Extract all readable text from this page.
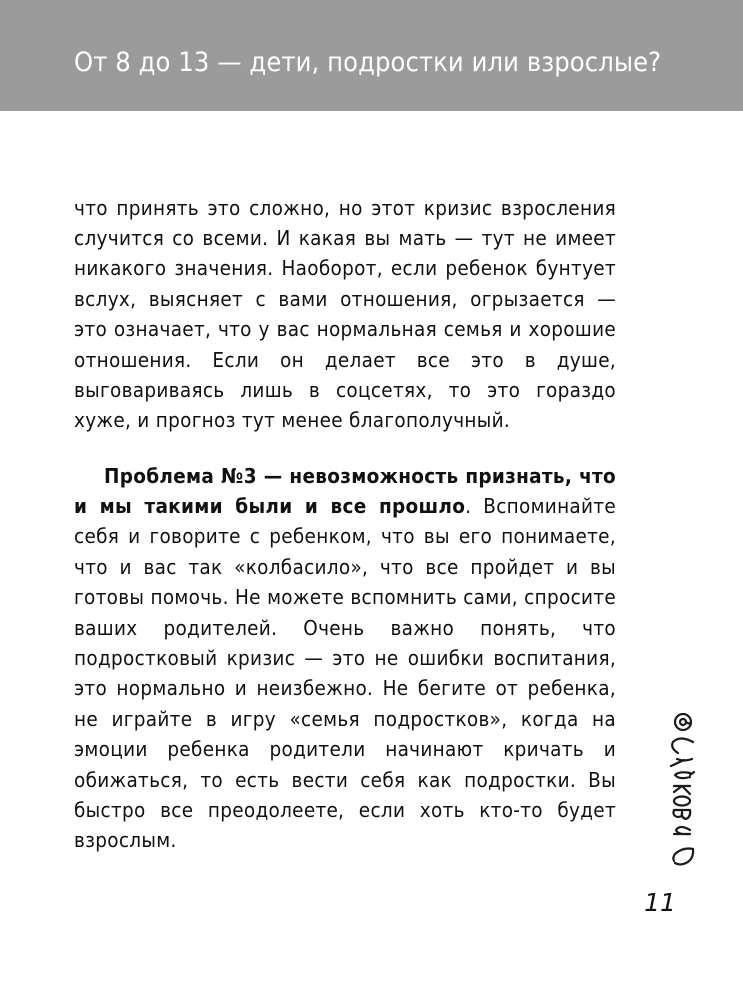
От 8 до 13 — дети, подростки или взрослые?

что принять это сложно, но этот кризис взросления случится со всеми. И какая вы мать — тут не имеет никакого значения. Наоборот, если ребенок бунтует вслух, выясняет с вами отношения, огрызается — это означает, что у вас нормальная семья и хорошие отношения. Если он делает все это в душе, выговариваясь лишь в соцсетях, то это гораздо хуже, и прогноз тут менее благополучный.

Проблема №3 — невозможность признать, что и мы такими были и все прошло. Вспоминайте себя и говорите с ребенком, что вы его понимаете, что и вас так «колбасило», что все пройдет и вы готовы помочь. Не можете вспомнить сами, спросите ваших родителей. Очень важно понять, что подростковый кризис — это не ошибки воспитания, это нормально и неизбежно. Не бегите от ребенка, не играйте в игру «семья подростков», когда на эмоции ребенка родители начинают кричать и обижаться, то есть вести себя как подростки. Вы быстро все преодолеете, если хоть кто-то будет взрослым.

@ Суркова Л
11
